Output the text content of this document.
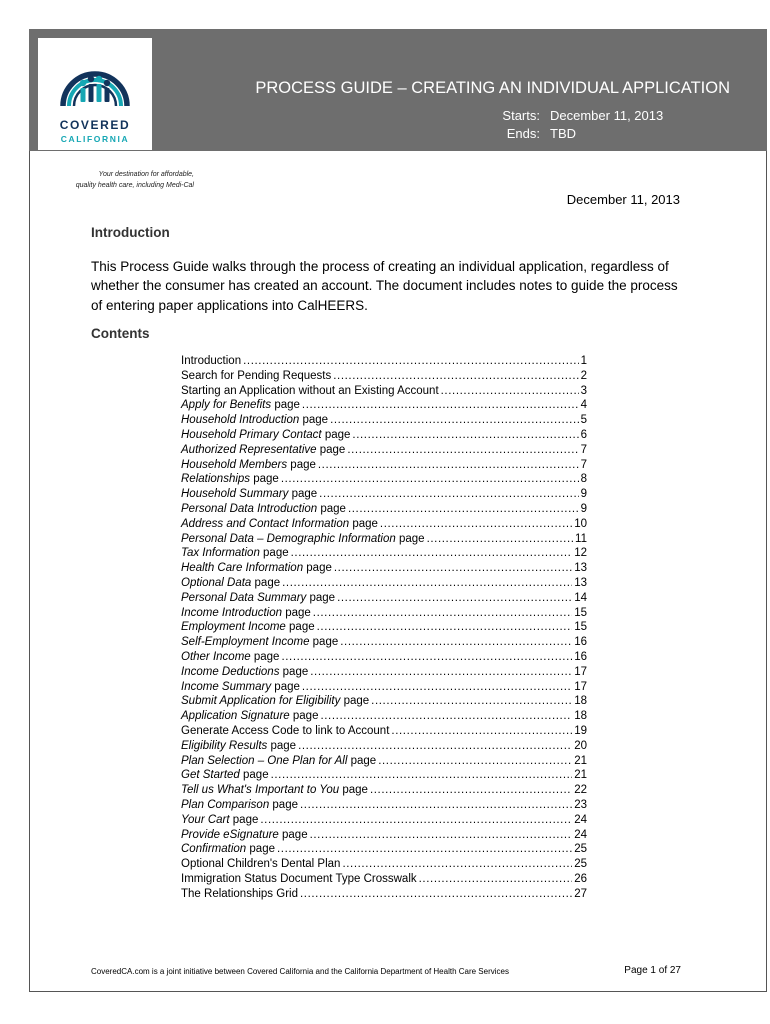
COVERED
CALIFORNIA
PROCESS GUIDE – CREATING AN INDIVIDUAL APPLICATION
Starts: December 11, 2013
Ends: TBD
Your destination for affordable,
quality health care, including Medi-Cal
December 11, 2013
Introduction
This Process Guide walks through the process of creating an individual application, regardless of whether the consumer has created an account. The document includes notes to guide the process of entering paper applications into CalHEERS.
Contents
Introduction .....	1
Search for Pending Requests .....	2
Starting an Application without an Existing Account .....	3
Apply for Benefits page .....	4
Household Introduction page .....	5
Household Primary Contact page .....	6
Authorized Representative page .....	7
Household Members page .....	7
Relationships page .....	8
Household Summary page .....	9
Personal Data Introduction page .....	9
Address and Contact Information page .....	10
Personal Data – Demographic Information page .....	11
Tax Information page .....	12
Health Care Information page .....	13
Optional Data page .....	13
Personal Data Summary page .....	14
Income Introduction page .....	15
Employment Income page .....	15
Self-Employment Income page .....	16
Other Income page .....	16
Income Deductions page .....	17
Income Summary page .....	17
Submit Application for Eligibility page .....	18
Application Signature page .....	18
Generate Access Code to link to Account .....	19
Eligibility Results page .....	20
Plan Selection – One Plan for All page .....	21
Get Started page .....	21
Tell us What's Important to You page .....	22
Plan Comparison page .....	23
Your Cart page .....	24
Provide eSignature page .....	24
Confirmation page .....	25
Optional Children's Dental Plan .....	25
Immigration Status Document Type Crosswalk .....	26
The Relationships Grid .....	27
CoveredCA.com is a joint initiative between Covered California and the California Department of Health Care Services	Page 1 of 27
